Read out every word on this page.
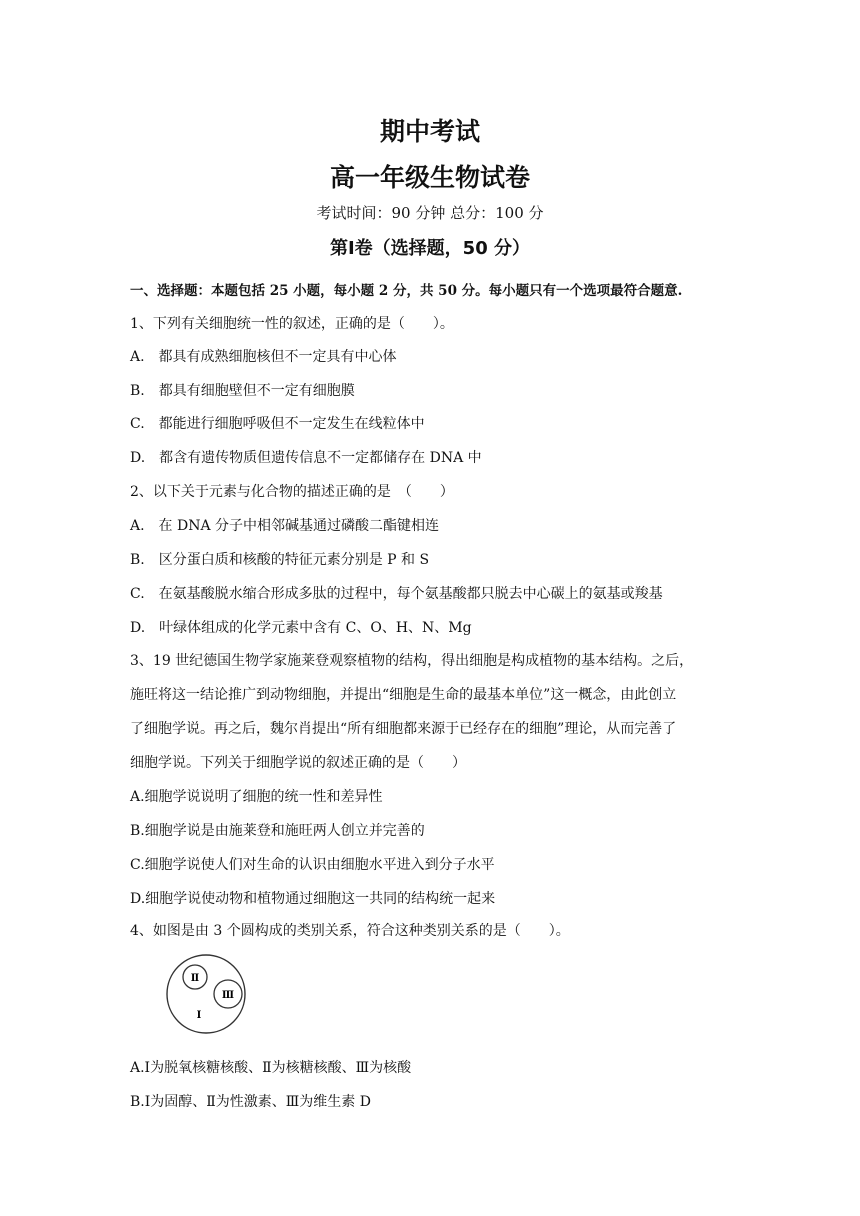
期中考试
高一年级生物试卷
考试时间：90 分钟 总分：100 分
第Ⅰ卷（选择题，50 分）
一、选择题：本题包括 25 小题，每小题 2 分，共 50 分。每小题只有一个选项最符合题意.
1、下列有关细胞统一性的叙述，正确的是（　　）。
A.　都具有成熟细胞核但不一定具有中心体
B.　都具有细胞壁但不一定有细胞膜
C.　都能进行细胞呼吸但不一定发生在线粒体中
D.　都含有遗传物质但遗传信息不一定都储存在 DNA 中
2、以下关于元素与化合物的描述正确的是　（　　）
A.　在 DNA 分子中相邻碱基通过磷酸二酯键相连
B.　区分蛋白质和核酸的特征元素分别是 P 和 S
C.　在氨基酸脱水缩合形成多肽的过程中，每个氨基酸都只脱去中心碳上的氨基或羧基
D.　叶绿体组成的化学元素中含有 C、O、H、N、Mg
3、19 世纪德国生物学家施莱登观察植物的结构，得出细胞是构成植物的基本结构。之后，
施旺将这一结论推广到动物细胞，并提出“细胞是生命的最基本单位”这一概念，由此创立
了细胞学说。再之后，魏尔肖提出“所有细胞都来源于已经存在的细胞”理论，从而完善了
细胞学说。下列关于细胞学说的叙述正确的是（　　）
A.细胞学说说明了细胞的统一性和差异性
B.细胞学说是由施莱登和施旺两人创立并完善的
C.细胞学说使人们对生命的认识由细胞水平进入到分子水平
D.细胞学说使动物和植物通过细胞这一共同的结构统一起来
4、如图是由 3 个圆构成的类别关系，符合这种类别关系的是（　　）。
Ⅱ
Ⅲ
Ⅰ
A.Ⅰ为脱氧核糖核酸、Ⅱ为核糖核酸、Ⅲ为核酸
B.Ⅰ为固醇、Ⅱ为性激素、Ⅲ为维生素 D
